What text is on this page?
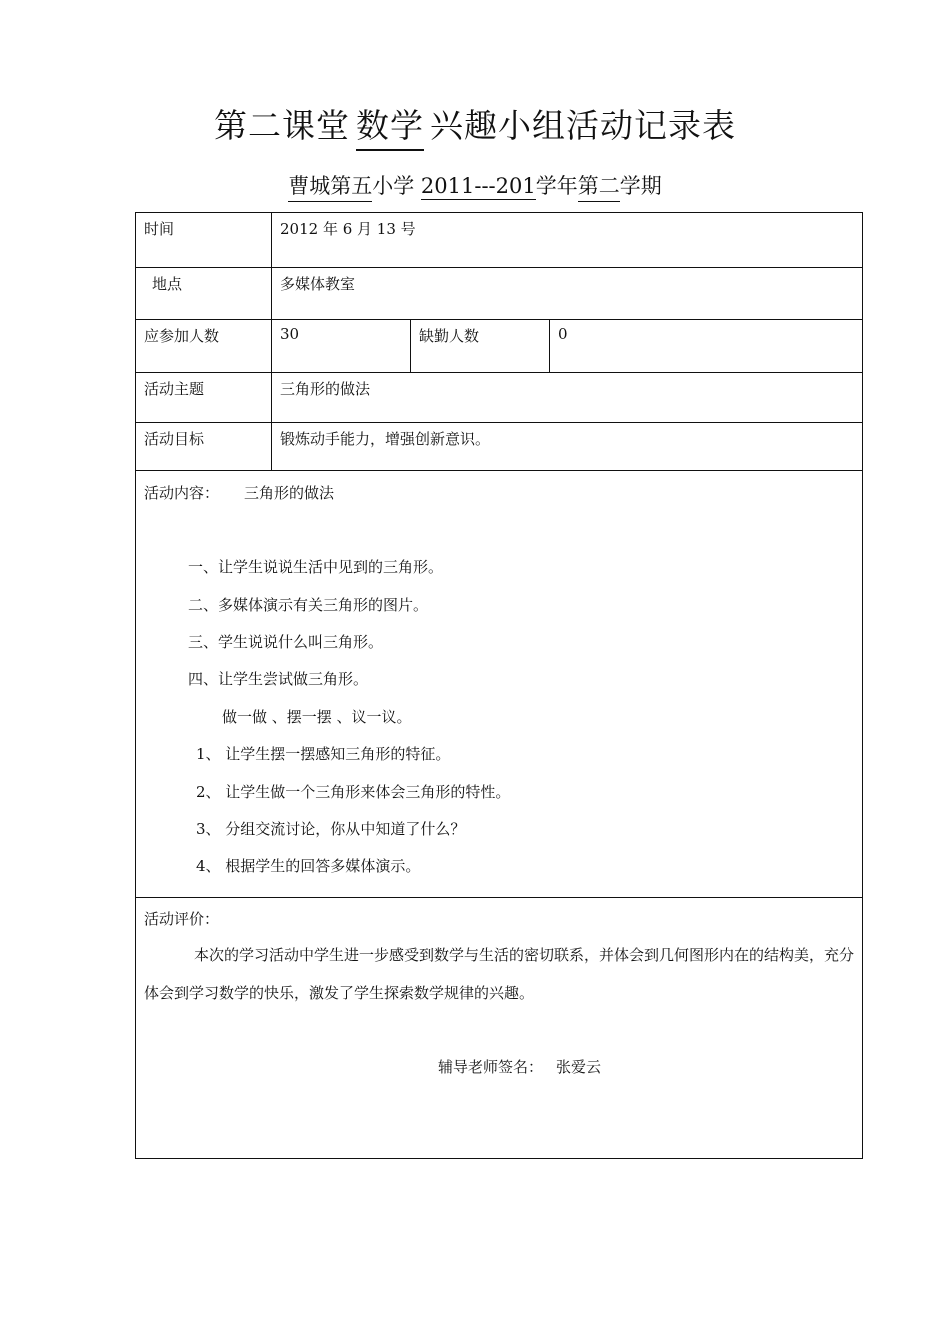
第二课堂 数学 兴趣小组活动记录表
曹城第五小学 2011---201学年第二学期
时间	2012 年 6 月 13 号
地点	多媒体教室
应参加人数	30	缺勤人数	0
活动主题	三角形的做法
活动目标	锻炼动手能力，增强创新意识。
活动内容： 三角形的做法
一、让学生说说生活中见到的三角形。
二、多媒体演示有关三角形的图片。
三、学生说说什么叫三角形。
四、让学生尝试做三角形。
做一做 、摆一摆 、议一议。
1、 让学生摆一摆感知三角形的特征。
2、 让学生做一个三角形来体会三角形的特性。
3、 分组交流讨论，你从中知道了什么？
4、 根据学生的回答多媒体演示。
活动评价：
本次的学习活动中学生进一步感受到数学与生活的密切联系，并体会到几何图形内在的结构美，充分体会到学习数学的快乐，激发了学生探索数学规律的兴趣。
辅导老师签名： 张爱云
